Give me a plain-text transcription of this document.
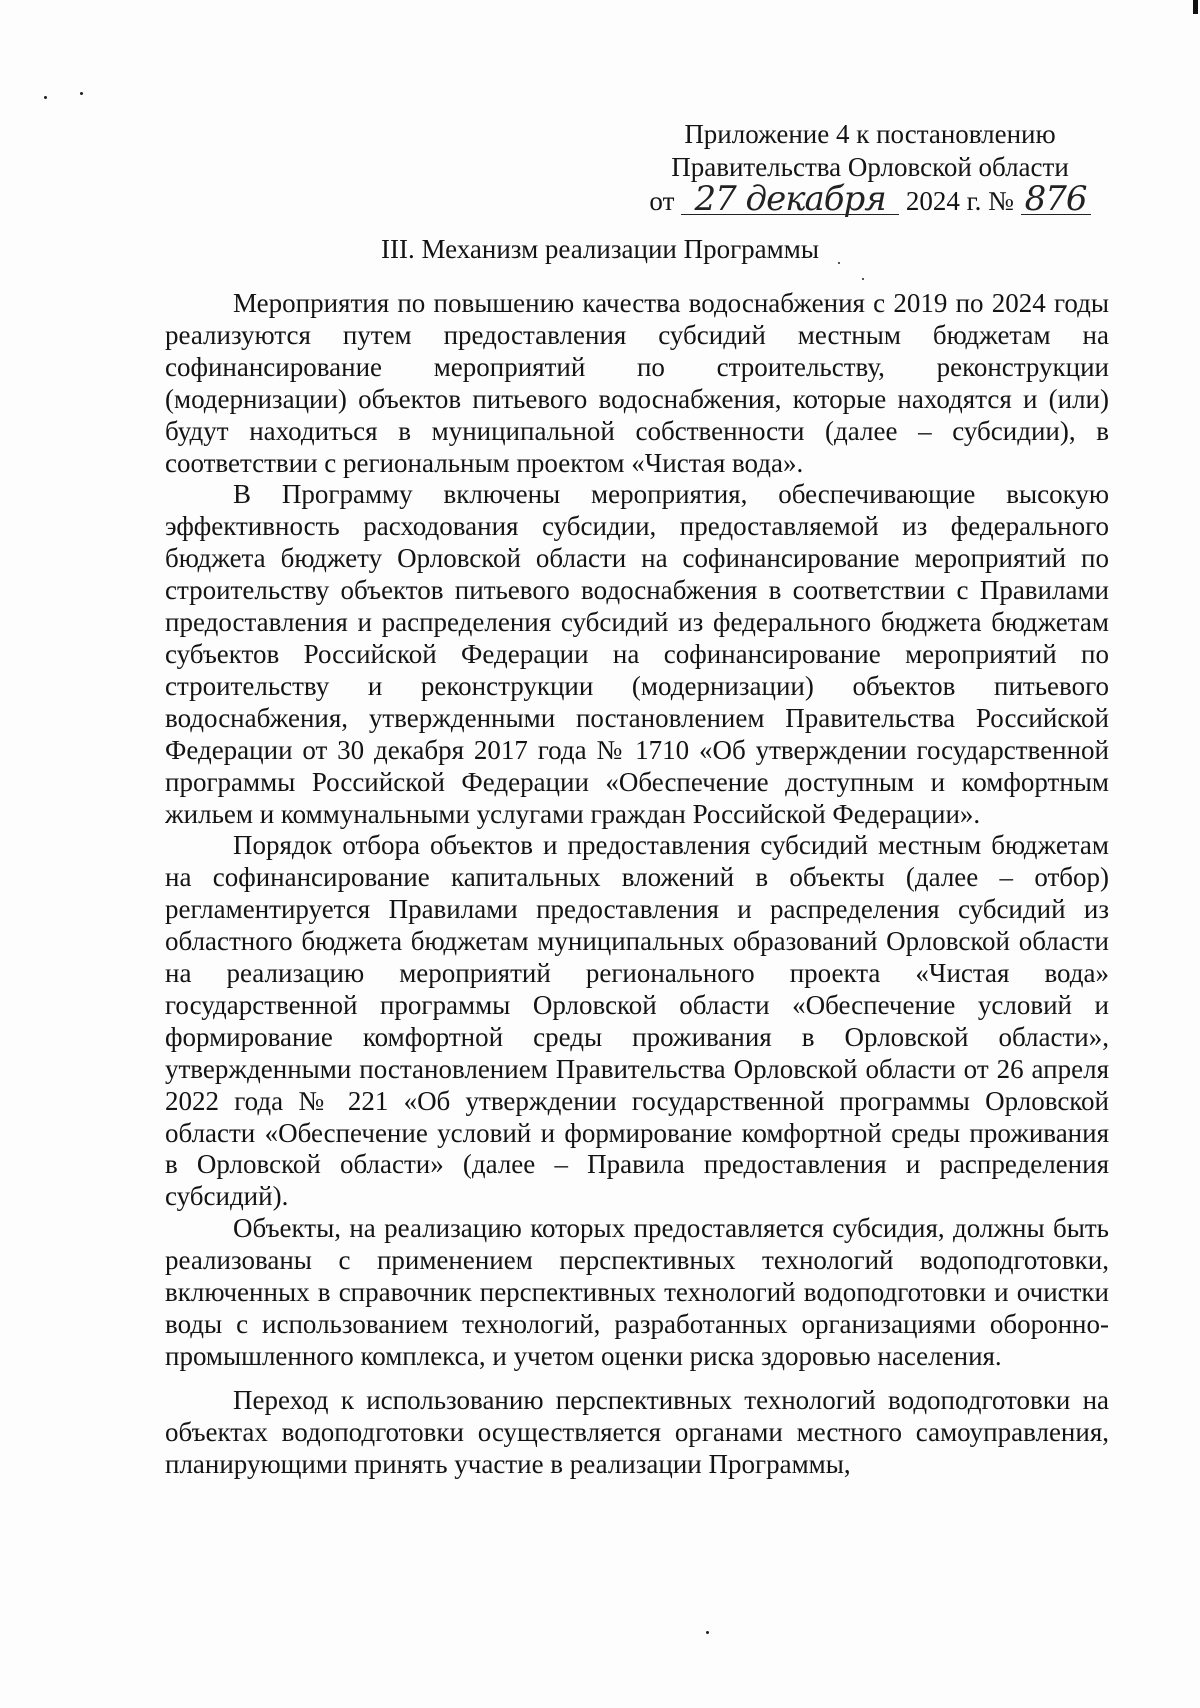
Приложение 4 к постановлению
Правительства Орловской области
от 27 декабря 2024 г. № 876
III. Механизм реализации Программы

Мероприятия по повышению качества водоснабжения с 2019 по 2024 годы реализуются путем предоставления субсидий местным бюджетам на софинансирование мероприятий по строительству, реконструкции (модернизации) объектов питьевого водоснабжения, которые находятся и (или) будут находиться в муниципальной собственности (далее – субсидии), в соответствии с региональным проектом «Чистая вода».

В Программу включены мероприятия, обеспечивающие высокую эффективность расходования субсидии, предоставляемой из федерального бюджета бюджету Орловской области на софинансирование мероприятий по строительству объектов питьевого водоснабжения в соответствии с Правилами предоставления и распределения субсидий из федерального бюджета бюджетам субъектов Российской Федерации на софинансирование мероприятий по строительству и реконструкции (модернизации) объектов питьевого водоснабжения, утвержденными постановлением Правительства Российской Федерации от 30 декабря 2017 года № 1710 «Об утверждении государственной программы Российской Федерации «Обеспечение доступным и комфортным жильем и коммунальными услугами граждан Российской Федерации».

Порядок отбора объектов и предоставления субсидий местным бюджетам на софинансирование капитальных вложений в объекты (далее – отбор) регламентируется Правилами предоставления и распределения субсидий из областного бюджета бюджетам муниципальных образований Орловской области на реализацию мероприятий регионального проекта «Чистая вода» государственной программы Орловской области «Обеспечение условий и формирование комфортной среды проживания в Орловской области», утвержденными постановлением Правительства Орловской области от 26 апреля 2022 года № 221 «Об утверждении государственной программы Орловской области «Обеспечение условий и формирование комфортной среды проживания в Орловской области» (далее – Правила предоставления и распределения субсидий).

Объекты, на реализацию которых предоставляется субсидия, должны быть реализованы с применением перспективных технологий водоподготовки, включенных в справочник перспективных технологий водоподготовки и очистки воды с использованием технологий, разработанных организациями оборонно-промышленного комплекса, и учетом оценки риска здоровью населения.

Переход к использованию перспективных технологий водоподготовки на объектах водоподготовки осуществляется органами местного самоуправления, планирующими принять участие в реализации Программы,
